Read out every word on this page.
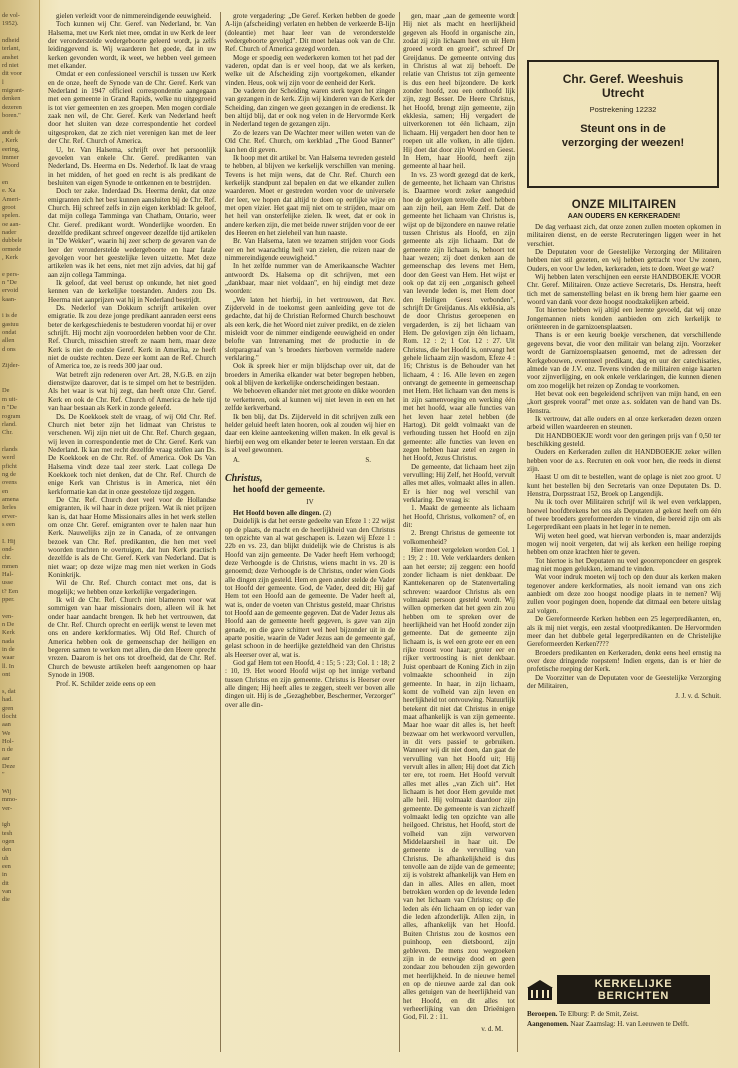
de vol-
1952).

ndheid
terlant,
anshet
rd niet
dit voor
l
migrant-
denken
dezeren
boren."

andt de
, Kerk
eering,
immer
Woord

en
e. Xa
Ameri-
groot
spelen.
oe aan-
nader
dubbele
ormede
, Kerk

e pers-
n "De
ervoid
kaan-

i is de
gastuu
ondat
allen
d ons

Zijder-

De
m uit-
n "De
rogram
rland.
Chr.

rlands
werd
pficht
ng de
ovens
en
amena
Ierles
erver-
s een

I. Hij
ond-
chr.
mmen
Hal-
usse
t? Een
pper.

ven-
n De
Kerk
nada
in de
waar
ll. In
ont

s, dat
had.
gren
tlocht
aan
We
Hol-
n de
aar
Deze
"

Wij
mmo-
ver-

igh
tesh
ogen
den
uh
een
in
dit
van
die

gielen verleidt voor de nimmereindigende eeuwigheid.

Toch kunnen wij Chr. Geref. van Nederland, br. Van Halsema, met uw Kerk niet mee, omdat in uw Kerk de leer der verondersteide wedergeboorte geleerd wordt, ja zelfs leidinggevend is. Wij waarderen het goede, dat in uw kerken gevonden wordt, ik weet, we hebben veel gemeen met elkander.

Omdat er een confessioneel verschil is tussen uw Kerk en de onze, heeft de Synode van de Chr. Geref. Kerk van Nederland in 1947 officieel correspondentie aangegaan met een gemeente in Grand Rapids, welke nu uitgegroeid is tot vier gemeenten en zes groepen. Men mogen cordiale zaak nen wil, de Chr. Geref. Kerk van Nederland heeft door het sluiten van deze correspondentie het cordeel uitgesproken, dat ze zich niet verenigen kan met de leer der Chr. Ref. Church of America.

U, br. Van Halsema, schrijft over het persoonlijk gevoelen van enkele Chr. Geref. predikanten van Nederland, Ds. Heerma en Ds. Nederhof. Ik laat de vraag in het midden, of het goed en recht is als predikant de besluiten van eigen Synode te ontkennen en te bestrijden.

Doch ter zake. Inderdaad Ds. Heerma denkt, dat onze emigranten zich het best kunnen aansluiten bij de Chr. Ref. Church. Hij schreef zelfs in zijn eigen kerkblad: Ik geloof, dat mijn collega Tamminga van Chatham, Ontario, weer Chr. Geref. predikant wordt. Wonderlijke woorden. En dezelfde predikant schreef ongeveer dezelfde tijd artikelen in "De Wekker", waarin hij zeer scherp de gevaren van de leer der veronderstelde wedergeboorte en haar fatale gevolgen voor het geestelijke leven uitzette. Met deze artikelen was ik het eens, niet met zijn advies, dat hij gaf aan zijn collega Tamminga.

Ik geloof, dat veel berust op onkunde, het niet goed kennen van de kerkelijke toestanden. Anders zou Ds. Heerma niet aanprijzen wat hij in Nederland bestrijdt.

Ds. Nederlof van Dokkum schrijft artikelen over emigratie. Ik zou deze jonge predikant aanraden eerst eens beter de kerkgeschiedenis te bestuderen voordat hij er over schrijft. Hij mocht zijn vooroordelen hebben voor de Chr. Ref. Church, misschien streeft ze naam hem, maar deze Kerk is niet de oudste Geref. Kerk in Amerika, ze heeft niet de oudste rechten. Deze eer komt aan de Ref. Church of America toe, ze is reeds 300 jaar oud.

Wat betreft zijn redeneren over Art. 28, N.G.B. en zijn dienstwijze daarover, dat is te simpel om het te bestrijden. Als het waar is wat hij zegt, dan heeft onze Chr. Geref. Kerk en ook de Chr. Ref. Church of America de hele tijd van haar bestaan als Kerk in zonde geleefd.

Ds. De Koekkoek stelt de vraag, of wij Old Chr. Ref. Church niet beter zijn het lidmaat van Christus te verschenen. Wij zijn niet uit de Chr. Ref. Church gegaan, wij leven in correspondentie met de Chr. Geref. Kerk van Nederland. Ik kan met recht dezelfde vraag stellen aan Ds. De Koekkoek en de Chr. Ref. of America. Ook Ds Van Halsema vindt deze taal zeer sterk. Laat collega De Koekkoek toch niet denken, dat de Chr. Ref. Church de enige Kerk van Christus is in America, niet één kerkformatie kan dat in onze geesteloze tijd zeggen.

De Chr. Ref. Church doet veel voor de Hollandse emigranten, ik wil haar in deze prijzen. Wat ik niet prijzen kan is, dat haar Home Missionairs alles in het werk stellen om onze Chr. Geref. emigranten over te halen naar hun Kerk. Nauwelijks zijn ze in Canada, of ze ontvangen bezoek van Chr. Ref. predikanten, die hen met veel woorden trachten te overtuigen, dat hun Kerk practisch dezelfde is als de Chr. Geref. Kerk van Nederland. Dat is niet waar; op deze wijze mag men niet werken in Gods Koninkrijk.

Wil de Chr. Ref. Church contact met ons, dat is mogelijk; we hebben onze kerkelijke vergaderingen.

Ik wil de Chr. Ref. Church niet blameren voor wat sommigen van haar missionairs doen, alleen wil ik het onder haar aandacht brengen. Ik heb het vertrouwen, dat de Chr. Ref. Church oprecht en eerlijk wenst te leven met ons en andere kerkformaties. Wij Old Ref. Church of America hebben ook de gemeenschap der heiligen en begeren samen te werken met allen, die den Heere oprecht vrezen. Daarom is het ons tot droefheid, dat de Chr. Ref. Church de bewuste artikelen heeft aangenomen op haar Synode in 1908.

Prof. K. Schilder zeide eens op een

grote vergadering: „De Geref. Kerken hebben de goede A-lijn (afscheiding) verlaten en hebben de verkeerde B-lijn (doleantie) met haar leer van de veronderstelde wedergeboorte gevolgd". Dit moet helaas ook van de Chr. Ref. Church of America gezegd worden.

Moge er spoedig een wederkeren komen tot het pad der vaderen, opdat dan is er veel hoop, dat we als kerken, welke uit de Afscheiding zijn voortgekomen, elkander vinden. Heus, ook wij zijn voor de eenheid der Kerk.

De vaderen der Scheiding waren sterk tegen het zingen van gezangen in de kerk. Zijn wij kinderen van de Kerk der Scheiding, dan zingen we geen gezangen in de eredienst. Ik ben altijd blij, dat er ook nog velen in de Hervormde Kerk in Nederland tegen de gezangen zijn.

Zo de lezers van De Wachter meer willen weten van de Old Chr. Ref. Church, om kerkblad „The Good Banner" kan hen dit geven.

Ik hoop met dit artikel br. Van Halsema tevreden gesteld te hebben, al blijven we kerkelijk verschillen van mening. Tevens is het mijn wens, dat de Chr. Ref. Church een kerkelijk standpunt zal bepalen en dat we elkander zullen waarderen. Moet er gestreden worden voor de universele der leer, we hopen dat altijd te doen op eerlijke wijze en met open vizier. Het gaat mij niet om te strijden, maar om het heil van onsterfelijke zielen. Ik weet, dat er ook in andere kerken zijn, die met beide ruwer strijden voor de eer des Heeren en het zieleheil van hun naaste.

Br. Van Halsema, laten we tezamen strijden voor Gods eer en het waarachtig heil van zielen, die reizen naar de nimmereindigende eeuwigheid."

In het zelfde nummer van de Amerikaansche Wachter antwoordt Ds. Halsema op dit schrijven, met een „dankbaar, maar niet voldaan", en hij eindigt met deze woorden:

„We laten het hierbij, in het vertrouwen, dat Rev. Zijderveld in de toekomst geen aanleiding geve tot de gedachte, dat hij de Christian Reformed Church beschouwt als een kerk, die het Woord niet zuiver predikt, en de zielen misleidt voor de nimmer eindigende eeuwigheid en onder belofte van Intrenaming met de productie in de slotparagraaf van 's broeders hierboven vermelde nadere verklaring."

Ook ik spreek hier er mijn blijdschap over uit, dat de broeders in Amerika elkander wat beter begrepen hebben, ook al blijven de kerkelijke onderscheidingen bestaan.

We behoeven elkander niet met groote en dikke woorden te verketteren, ook al kunnen wij niet leven in een en het zelfde kerkverband.

Ik ben blij, dat Ds. Zijderveld in dit schrijven zulk een helder geluid heeft laten hooren, ook al zouden wij hier en daar een kleine aanteekening willen maken. In elk geval is hierbij een weg om elkander beter te leeren verstaan. En dat is al veel gewonnen.

A.	S.
Christus,
het hoofd der gemeente.
IV
Het Hoofd boven alle dingen. (2)

Duidelijk is dat het eerste gedeelte van Efeze 1 : 22 wijst op de plaats, de macht en de heerlijkheid van den Christus ten opzichte van al wat geschapen is. Lezen wij Efeze 1 : 22b en vs. 23, dan blijkt duidelijk wie de Christus is als Hoofd van zijn gemeente. De Vader heeft Hem verhoogd; deze Verhoogde is de Christus, wiens macht in vs. 20 is genoemd; deze Verhoogde is de Christus, onder wien Gods alle dingen zijn gesteld. Hem en geen ander stelde de Vader tot Hoofd der gemeente. God, de Vader, deed dit; Hij gaf Hem tot een Hoofd aan de gemeente. De Vader heeft al, wat is, onder de voeten van Christus gesteld, maar Christus tot Hoofd aan de gemeente gegeven. Dat de Vader Jezus als Hoofd aan de gemeente heeft gegeven, is gave van zijn genade, en die gave schittert wel heel bijzonder uit in de aparte positie, waarin de Vader Jezus aan de gemeente gaf, gelast schoon in de heerlijke gezteldheid van den Christus als Heerser over al, wat is.

God gaf Hem tot een Hoofd, 4 : 15; 5 : 23; Col. 1 : 18; 2 : 10, 19. Het woord Hoofd wijst op het innige verband tussen Christus en zijn gemeente. Christus is Heerser over alle dingen; Hij heeft alles te zeggen, steelt ver boven alle dingen uit. Hij is de „Gezaghebber, Beschermer, Verzorger" over alle din-

gen, maar „aan de gemeente wordt Hij niet als macht en heerlijkheid gegeven als Hoofd in organische zin, zodat zij zijn lichaam heet en uit Hem groeed wordt en groeit", schreef Dr Greijdanus. De gemeente ontving dus in Christus al wat zij behoeft. De relatie van Christus tot zijn gemeente is dus een heel bijzondere. De kerk zonder hoofd, zou een onthoofd lijk zijn, zegt Besser. De Heere Christus, het Hoofd, brengt zijn gemeente, zijn ekklesia, samen; Hij vergadert de uitverkorenen tot één lichaam, zijn lichaam. Hij vergadert hen door hen te roepen uit alle volken, in alle tijden. Hij doet dat door zijn Woord en Geest. In Hem, haar Hoofd, heeft zijn gemeente al haar heil.

In vs. 23 wordt gezegd dat de kerk, de gemeente, het lichaam van Christus is. Daarmee wordt zeker aangeduid hoe de gelovigen tenvolle deel hebben aan zijn heil, aan Hem Zelf. Dat de gemeente het lichaam van Christus is, wijst op de bijzondere en nauwe relatie tussen Christus als Hoofd, en zijn gemeente als zijn lichaam. Dat de gemeente zijn lichaam is, behoort tot haar wezen; zij doet denken aan de gemeenschap des levens met Hem, door den Geest van Hem. Het wijst er ook op dat zij een „organisch geheel van levende leden is, met Hem door den Heiligen Geest verbonden", schrijft Dr Greijdanus. Als ekklēsia, als de door Christus geroepenen en vergaderden, is zij het lichaam van Hem. De gelovigen zijn één lichaam, Rom. 12 : 2; 1 Cor. 12 : 27. Uit Christus, die het Hoofd is, ontvangt het gehele lichaam zijn wasdom, Efeze 4 : 16; Christus is de Behouder van het lichaam, 4 : 16. Alle leven en zegen ontvangt de gemeente in gemeenschap met Hem. Het lichaam van den mens is in zijn samenvoeging en werking één met het hoofd, waar alle functies van het leven haar zetel hebben (de Hartog). Dit geldt volmaakt van de verhouding tussen het Hoofd en zijn gemeente: alle functies van leven en zegen hebben haar zetel en zegen in het Hoofd, Jezus Christus.

De gemeente, dat lichaam heet zijn vervulling; Hij Zelf, het Hoofd, vervult alles met alles, volmaakt alles in allen. Er is hier nog wel verschil van verklaring. De vraag is:

1. Maakt de gemeente als lichaam het Hoofd, Christus, volkomen? of, en dit:

2. Brengt Christus de gemeente tot volkomenheid?

Hier moet vergeleken worden Col. 1 : 19; 2 : 10. Vele verklaarders denken aan het eerste; zij zeggen: een hoofd zonder lichaam is niet denkbaar. De Kanttekenaren op de Statenvertaling schreven: waardoor Christus als een volmaakt persoon gesteld wordt. Wij willen opmerken dat het geen zin zou hebben om te spreken over de heerlijkheid van het Hoofd zonder zijn gemeente. Dat de gemeente zijn lichaam is, is wel een grote eer en een rijke troost voor haar; groter eer en rijker vertroosting is niet denkbaar. Juist openbaart de Koning Zich in zijn volmaakte schoonheid in zijn gemeente. In haar, in zijn lichaam, komt de volheid van zijn leven en heerlijkheid tot ontvouwing. Natuurlijk betekent dit niet dat Christus in enige maat afhankelijk is van zijn gemeente. Maar hoe waar dit alles is, het heeft bezwaar om het werkwoord vervullen, in dit vers passief te gebruiken. Wanneer wij dit niet doen, dan gaat de vervulling van het Hoofd uit; Hij vervult alles in allen; Hij doet dat Zich ter ere, tot roem. Het Hoofd vervult alles met alles „van Zich uit". Het lichaam is het door Hem gevulde met alle heil. Hij volmaakt daardoor zijn gemeente. De gemeente is van zichzelf volmaakt ledig ten opzichte van alle heilgoed. Christus, het Hoofd, stort de volheid van zijn verworven Middelaarsheil in haar uit. De gemeente is de vervulling van Christus. De afhankelijkheid is dus tenvolle aan de zijde van de gemeente; zij is volstrekt afhankelijk van Hem en dan in alles. Alles en allen, moet betrokken worden op de levende leden van het lichaam van Christus; op die leden als één lichaam en op ieder van die leden afzonderlijk. Allen zijn, in alles, afhankelijk van het Hoofd. Buiten Christus zou de kosmos een puinhoop, een dietsboord, zijn gebleven. De mens zou wegzoeken zijn in de eeuwige dood en geen zondaar zou behouden zijn geworden met heerlijkheid. In de nieuwe hemel en op de nieuwe aarde zal dan ook alles getuigen van de heerlijkheid van het Hoofd, en dit alles tot verheerlijking van den Drieënigen God, Fil. 2 : 11.

v. d. M.
Chr. Geref. Weeshuis
Utrecht
Postrekening 12232
Steunt ons in de
verzorging der weezen!
ONZE MILITAIREN
AAN OUDERS EN KERKERADEN!

De dag verhaast zich, dat onze zonen zullen moeten opkomen in militairen dienst, en de eerste Recruteringen liggen weer in het verschiet.

De Deputaten voor de Geestelijke Verzorging der Militairen hebben niet stil gezeten, en wij hebben getracht voor Uw zonen, Ouders, en voor Uw leden, kerkeraden, iets te doen. Weet ge wat?

Wij hebben laten verschijnen een eerste HANDBOEKJE VOOR Chr. Geref. Militairen. Onze actieve Secretaris, Ds. Henstra, heeft tich met de samenstelling belast en ik breng hem hier gaarne een woord van dank voor deze hoogst noodzakelijken arbeid.

Tot hiertoe hebben wij altijd een leemte gevoeld, dat wij onze Jongemannen niets konden aanbieden om zich kerkelijk te oriënteeren in de garnizoensplaatsen.

Thans is er een keurig boekje verschenen, dat verschillende gegevens bevat, die voor den militair van belang zijn. Voorzeker wordt de Garnizoensplaatsen genoemd, met de adressen der Kerkgebouwen, eventueel predikant, dag en uur der catechisaties, almede van de J.V. enz. Tevens vinden de militairen enige kaarten voor zijnverlijging, en ook enkele verklaringen, die kunnen dienen om zoo mogelijk het reizen op Zondag te voorkomen.

Het bevat ook een begeleidend schrijven van mijn hand, en een „kort gesprek vooraf" met onze a.s. soldaten van de hand van Ds. Henstra.

Ik vertrouw, dat alle ouders en al onze kerkeraden dezen onzen arbeid willen waardeeren en steunen.

Dit HANDBOEKJE wordt voor den geringen prijs van f 0,50 ter beschikking gesteld.

Ouders en Kerkeraden zullen dit HANDBOEKJE zeker willen hebben voor de a.s. Recruten en ook voor hen, die reeds in dienst zijn.

Haast U om dit te bestellen, want de oplage is niet zoo groot. U kunt het bestellen bij den Secretaris van onze Deputaten Ds. D. Henstra, Dorpsstraat 152, Broek op Langendijk.

Nu ik toch over Militairen schrijf wil ik wel even verklappen, hoewel hoofdbrekens het ons als Deputaten al gekost heeft om één of twee broeders gereformeerden te vinden, die bereid zijn om als Legerpredikant een plaats in het leger in te nemen.

Wij weten heel goed, wat hiervan verbonden is, maar anderzijds mogen wij nooit vergeten, dat wij als kerken een heilige roeping hebben om onze krachten hier te geven.

Tot hiertoe is het Deputaten nu veel geoorreponcdeer en gesprek mag niet mogen gelukken, iemand te vinden.

Wat voor indruk moeten wij toch op den duur als kerken maken tegenover andere kerkformaties, als nooit iemand van ons zich aanbiedt om deze zoo hoogst noodige plaats in te nemen? Wij zullen voor pogingen doen, hopende dat ditmaal een betere uitslag zal volgen.

De Gereformeerde Kerken hebben een 25 legerpredikanten, en, als ik mij niet vergis, een zestal vlootpredikanten. De Hervormden meer dan het dubbele getal legerpredikanten en de Christelijke Gereformeerden Kerken????

Broeders predikanten en Kerkeraden, denkt eens heel ernstig na over deze dringende roepstem! Indien ergens, dan is er hier de profetische roeping der Kerk.

De Voorzitter van de Deputaten voor de Geestelijke Verzorging der Militairen,

J. J. v. d. Schuit.
KERKELIJKE BERICHTEN

Beroepen. Te Elburg: P. de Smit, Zeist.

Aangenomen. Naar Zaamslag: H. van Leeuwen te Delft.
